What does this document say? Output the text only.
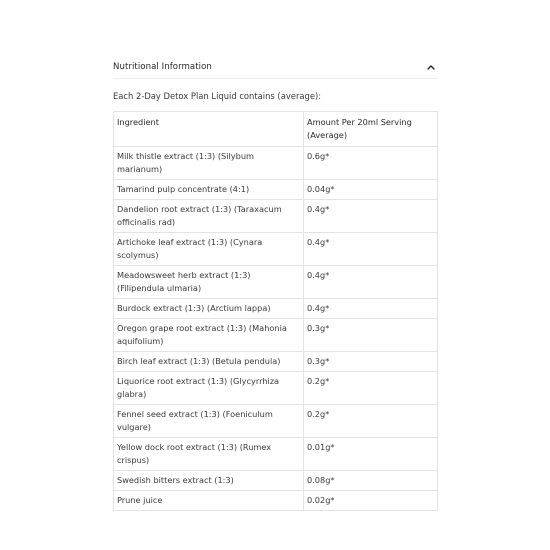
Nutritional Information
Each 2-Day Detox Plan Liquid contains (average):
Ingredient	Amount Per 20ml Serving (Average)
Milk thistle extract (1:3) (Silybum marianum)	0.6g*
Tamarind pulp concentrate (4:1)	0.04g*
Dandelion root extract (1:3) (Taraxacum officinalis rad)	0.4g*
Artichoke leaf extract (1:3) (Cynara scolymus)	0.4g*
Meadowsweet herb extract (1:3) (Filipendula ulmaria)	0.4g*
Burdock extract (1:3) (Arctium lappa)	0.4g*
Oregon grape root extract (1:3) (Mahonia aquifolium)	0.3g*
Birch leaf extract (1:3) (Betula pendula)	0.3g*
Liquorice root extract (1:3) (Glycyrrhiza glabra)	0.2g*
Fennel seed extract (1:3) (Foeniculum vulgare)	0.2g*
Yellow dock root extract (1:3) (Rumex crispus)	0.01g*
Swedish bitters extract (1:3)	0.08g*
Prune juice	0.02g*
